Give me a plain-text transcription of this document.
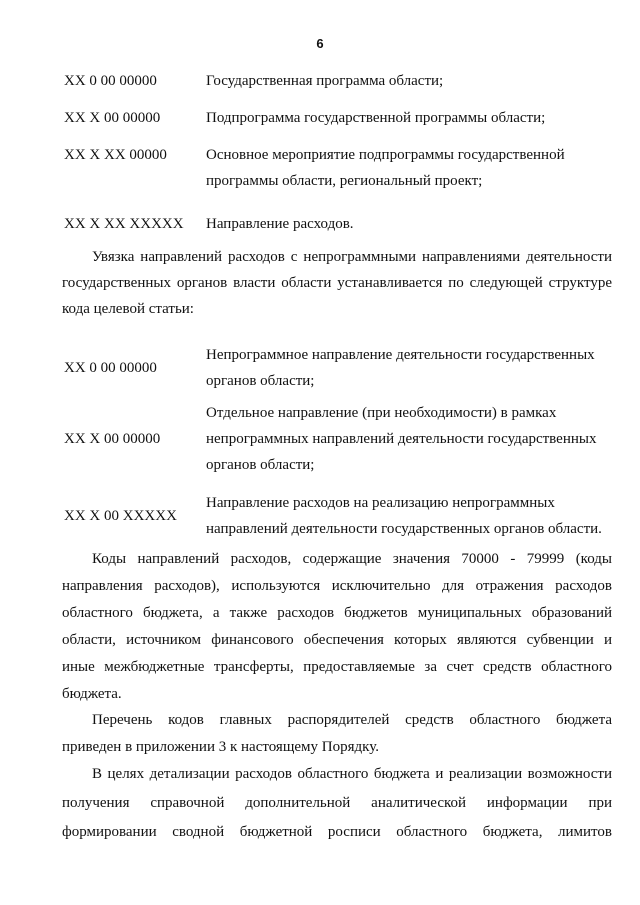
6
ХХ 0 00 00000	Государственная программа области;
ХХ Х 00 00000	Подпрограмма государственной программы области;
ХХ Х ХХ 00000	Основное мероприятие подпрограммы государственной
программы области, региональный проект;
ХХ Х ХХ ХХХХХ Направление расходов.
Увязка направлений расходов с непрограммными направлениями деятельности
государственных органов власти области устанавливается по следующей структуре
кода целевой статьи:
ХХ 0 00 00000
Непрограммное направление деятельности государственных
органов области;
ХХ Х 00 00000
Отдельное направление (при необходимости) в рамках
непрограммных направлений деятельности государственных
органов области;
ХХ Х 00 ХХХХХ
Направление расходов на реализацию непрограммных
направлений деятельности государственных органов области.
Коды направлений расходов, содержащие значения 70000 - 79999 (коды
направления расходов), используются исключительно для отражения расходов
областного бюджета, а также расходов бюджетов муниципальных образований
области, источником финансового обеспечения которых являются субвенции и
иные межбюджетные трансферты, предоставляемые за счет средств областного
бюджета.
Перечень кодов главных распорядителей средств областного бюджета
приведен в приложении 3 к настоящему Порядку.
В целях детализации расходов областного бюджета и реализации возможности
получения справочной дополнительной аналитической информации при
формировании сводной бюджетной росписи областного бюджета, лимитов
